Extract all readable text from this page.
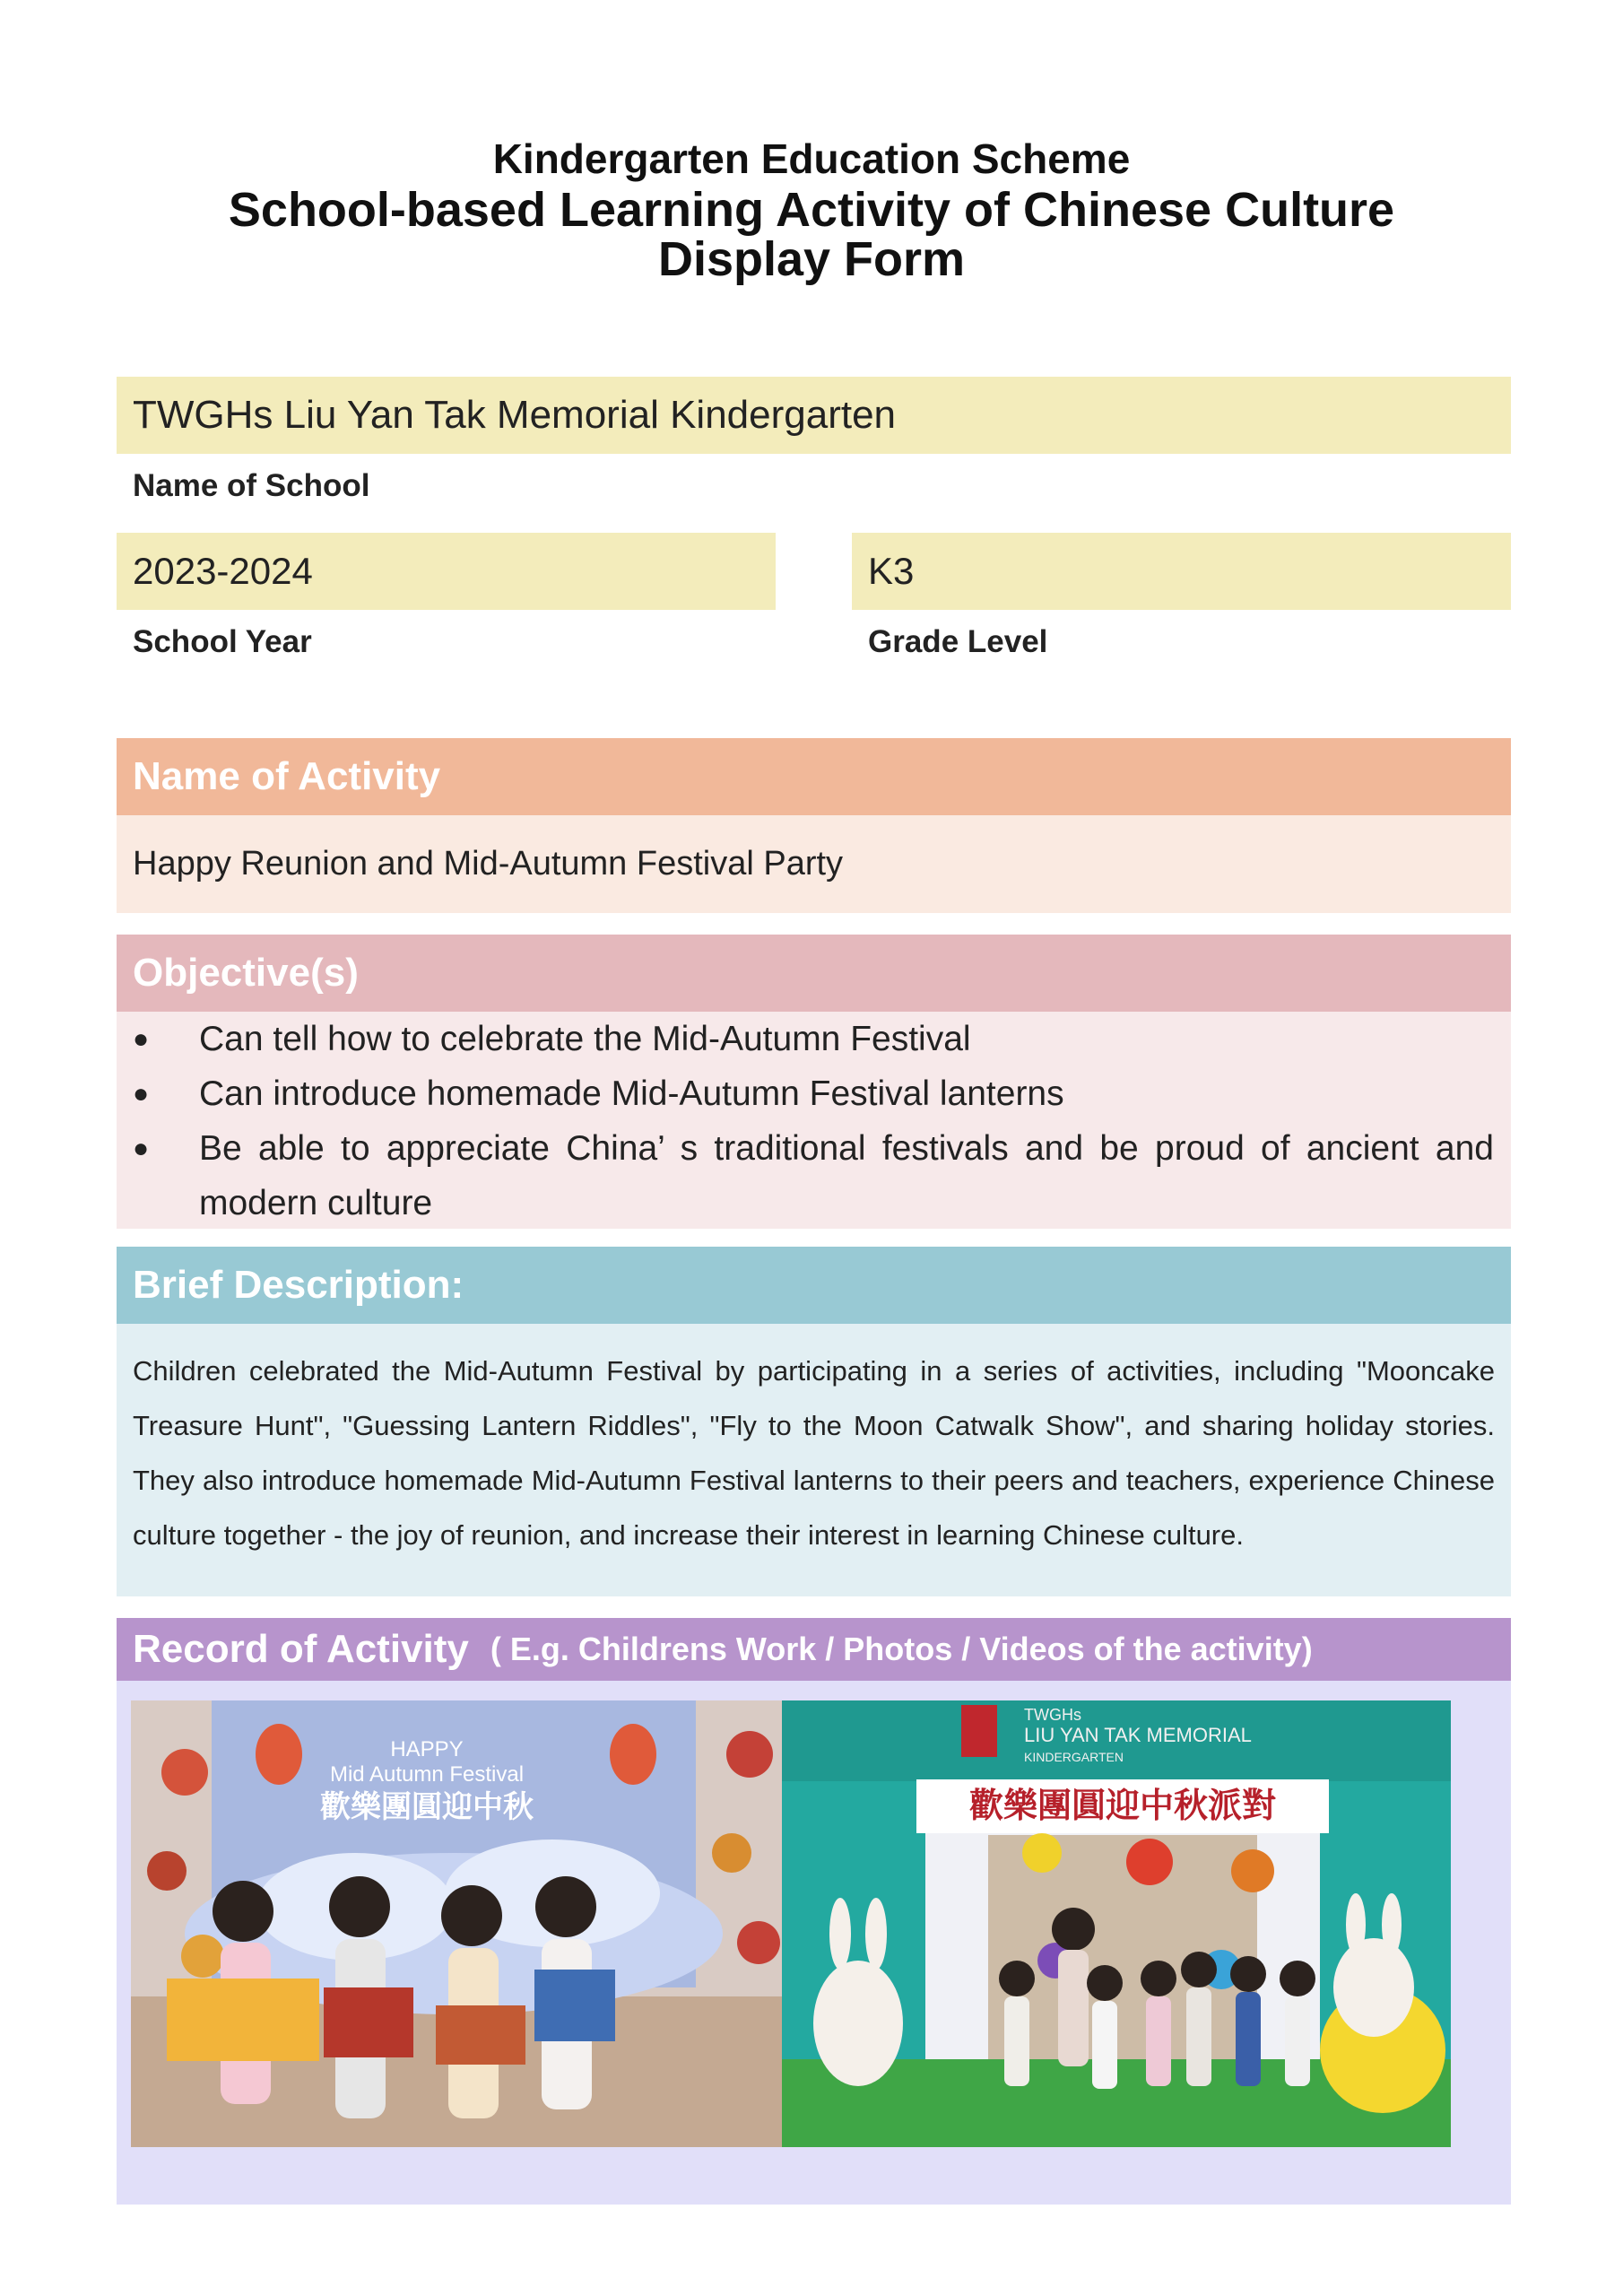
Kindergarten Education Scheme
School-based Learning Activity of Chinese Culture
Display Form
TWGHs Liu Yan Tak Memorial Kindergarten
Name of School
2023-2024
School Year
K3
Grade Level
Name of Activity
Happy Reunion and Mid-Autumn Festival Party
Objective(s)
● Can tell how to celebrate the Mid-Autumn Festival
● Can introduce homemade Mid-Autumn Festival lanterns
● Be able to appreciate China’ s traditional festivals and be proud of ancient and modern culture
Brief Description:
Children celebrated the Mid-Autumn Festival by participating in a series of activities, including "Mooncake Treasure Hunt", "Guessing Lantern Riddles", "Fly to the Moon Catwalk Show", and sharing holiday stories. They also introduce homemade Mid-Autumn Festival lanterns to their peers and teachers, experience Chinese culture together - the joy of reunion, and increase their interest in learning Chinese culture.
Record of Activity ( E.g. Childrens Work / Photos / Videos of the activity)
HAPPY
Mid Autumn Festival
歡樂團圓迎中秋	歡樂團圓迎中秋派對
TWGHs
LIU YAN TAK MEMORIAL
KINDERGARTEN
